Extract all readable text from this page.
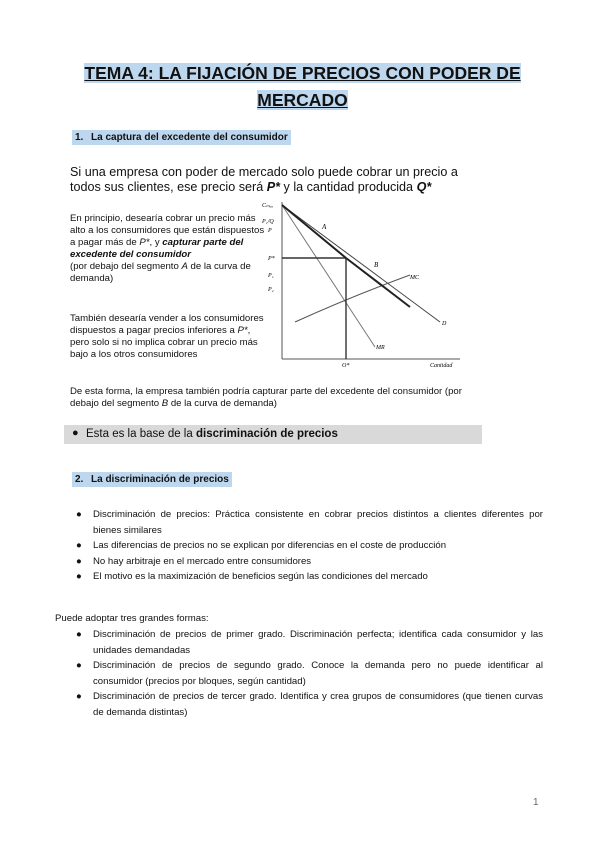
TEMA 4: LA FIJACIÓN DE PRECIOS CON PODER DE
MERCADO
1. La captura del excedente del consumidor
Si una empresa con poder de mercado solo puede cobrar un precio a todos sus clientes, ese precio será P* y la cantidad producida Q*
En principio, desearía cobrar un precio más alto a los consumidores que están dispuestos a pagar más de P*, y capturar parte del excedente del consumidor
(por debajo del segmento A de la curva de demanda)
También desearía vender a los consumidores dispuestos a pagar precios inferiores a P*, pero solo si no implica cobrar un precio más bajo a los otros consumidores
Cₘₐₓ
P₁/Q
P
P*
P₁
P₂
A
B
MC
D
MR
Q*	Cantidad
De esta forma, la empresa también podría capturar parte del excedente del consumidor (por debajo del segmento B de la curva de demanda)
● Esta es la base de la discriminación de precios
2. La discriminación de precios
● Discriminación de precios: Práctica consistente en cobrar precios distintos a clientes diferentes por bienes similares
● Las diferencias de precios no se explican por diferencias en el coste de producción
● No hay arbitraje en el mercado entre consumidores
● El motivo es la maximización de beneficios según las condiciones del mercado
Puede adoptar tres grandes formas:
● Discriminación de precios de primer grado. Discriminación perfecta; identifica cada consumidor y las unidades demandadas
● Discriminación de precios de segundo grado. Conoce la demanda pero no puede identificar al consumidor (precios por bloques, según cantidad)
● Discriminación de precios de tercer grado. Identifica y crea grupos de consumidores (que tienen curvas de demanda distintas)
1
